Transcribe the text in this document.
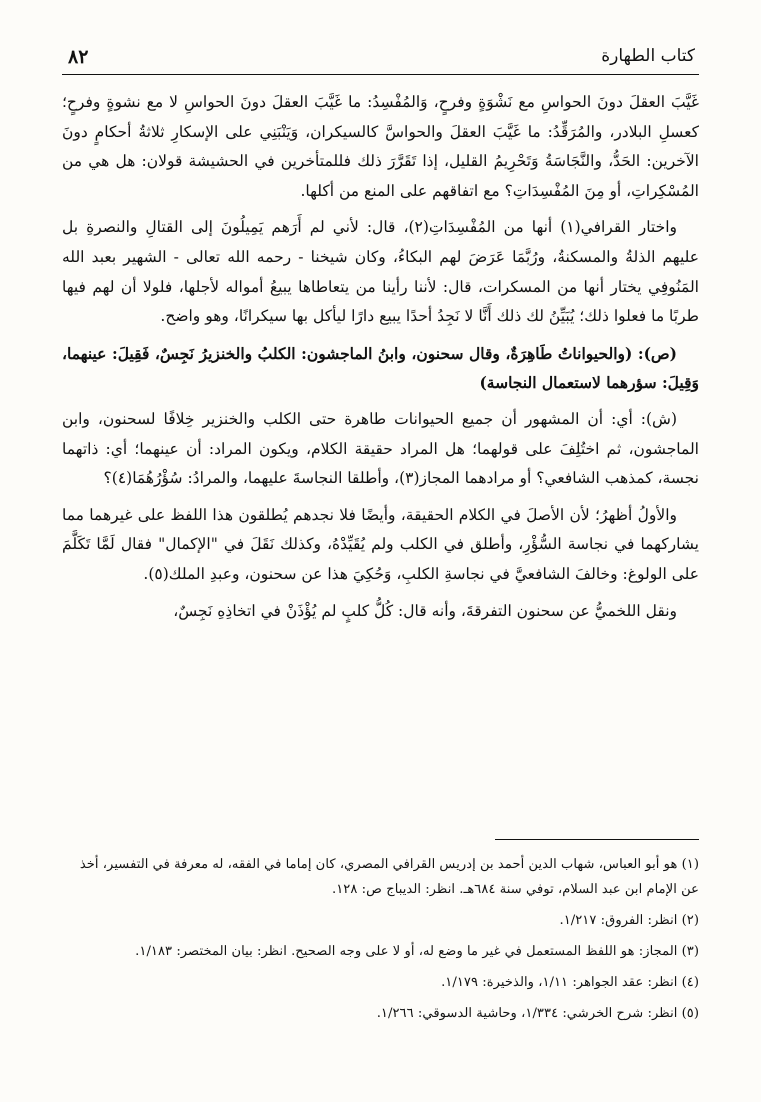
٨٢	كتاب الطهارة

غَيَّبَ العقلَ دونَ الحواسِ مع نَشْوَةٍ وفرحٍ، وَالمُفْسِدُ: ما غَيَّبَ العقلَ دونَ الحواسِ لا مع نشوةٍ وفرحٍ؛ كعسلِ البلادر، والمُرَقِّدُ: ما غَيَّبَ العقلَ والحواسَّ كالسيكران، وَيَنْبَنِي على الإسكارِ ثلاثةُ أحكامٍ دونَ الآخرين: الحَدُّ، والنَّجَاسَةُ وَتَحْرِيمُ القليل، إذا تَقَرَّرَ ذلك فللمتأخرين في الحشيشة قولان: هل هي من المُسْكِراتِ، أو مِنَ المُفْسِدَاتِ؟ مع اتفاقهم على المنع من أكلها.

واختار القرافي(١) أنها من المُفْسِدَاتِ(٢)، قال: لأني لم أَرَهم يَمِيلُونَ إلى القتالِ والنصرةِ بل عليهم الذلةُ والمسكنةُ، ورُبَّمَا عَرَضَ لهم البكاءُ، وكان شيخنا - رحمه الله تعالى - الشهير بعبد الله المَنُوفِي يختار أنها من المسكرات، قال: لأننا رأينا من يتعاطاها يبيعُ أمواله لأجلها، فلولا أن لهم فيها طربًا ما فعلوا ذلك؛ يُبَيِّنُ لك ذلك أَنَّا لا نَجِدُ أحدًا يبيع دارًا ليأكل بها سيكرانًا، وهو واضح.

(ص): (والحيواناتُ طَاهِرَةٌ، وقال سحنون، وابنُ الماجشون: الكلبُ والخنزيرُ نَجِسٌ، فَقِيلَ: عينهما، وَقِيلَ: سؤرهما لاستعمال النجاسة)

(ش): أي: أن المشهور أن جميع الحيوانات طاهرة حتى الكلب والخنزير خِلافًا لسحنون، وابن الماجشون، ثم اختُلِفَ على قولهما؛ هل المراد حقيقة الكلام، ويكون المراد: أن عينهما؛ أي: ذاتهما نجسة، كمذهب الشافعي؟ أو مرادهما المجاز(٣)، وأطلقا النجاسةَ عليهما، والمرادُ: سُؤْرُهُمَا(٤)؟

والأولُ أظهرُ؛ لأن الأصلَ في الكلام الحقيقة، وأيضًا فلا نجدهم يُطلقون هذا اللفظ على غيرهما مما يشاركهما في نجاسة السُّؤْرِ، وأطلق في الكلب ولم يُقَيِّدْهُ، وكذلك نَقَلَ في "الإكمال" فقال لَمَّا تَكَلَّمَ على الولوغ: وخالفَ الشافعيَّ في نجاسةِ الكلبِ، وَحُكِيَ هذا عن سحنون، وعبدِ الملك(٥).

ونقل اللخميُّ عن سحنون التفرقةَ، وأنه قال: كُلُّ كلبٍ لم يُؤْذَنْ في اتخاذِهِ نَجِسٌ،

(١) هو أبو العباس، شهاب الدين أحمد بن إدريس القرافي المصري، كان إماما في الفقه، له معرفة في التفسير، أخذ عن الإمام ابن عبد السلام، توفي سنة ٦٨٤هـ. انظر: الديباج ص: ١٢٨.
(٢) انظر: الفروق: ١/٢١٧.
(٣) المجاز: هو اللفظ المستعمل في غير ما وضع له، أو لا على وجه الصحيح. انظر: بيان المختصر: ١/١٨٣.
(٤) انظر: عقد الجواهر: ١/١١، والذخيرة: ١/١٧٩.
(٥) انظر: شرح الخرشي: ١/٣٣٤، وحاشية الدسوقي: ١/٢٦٦.
